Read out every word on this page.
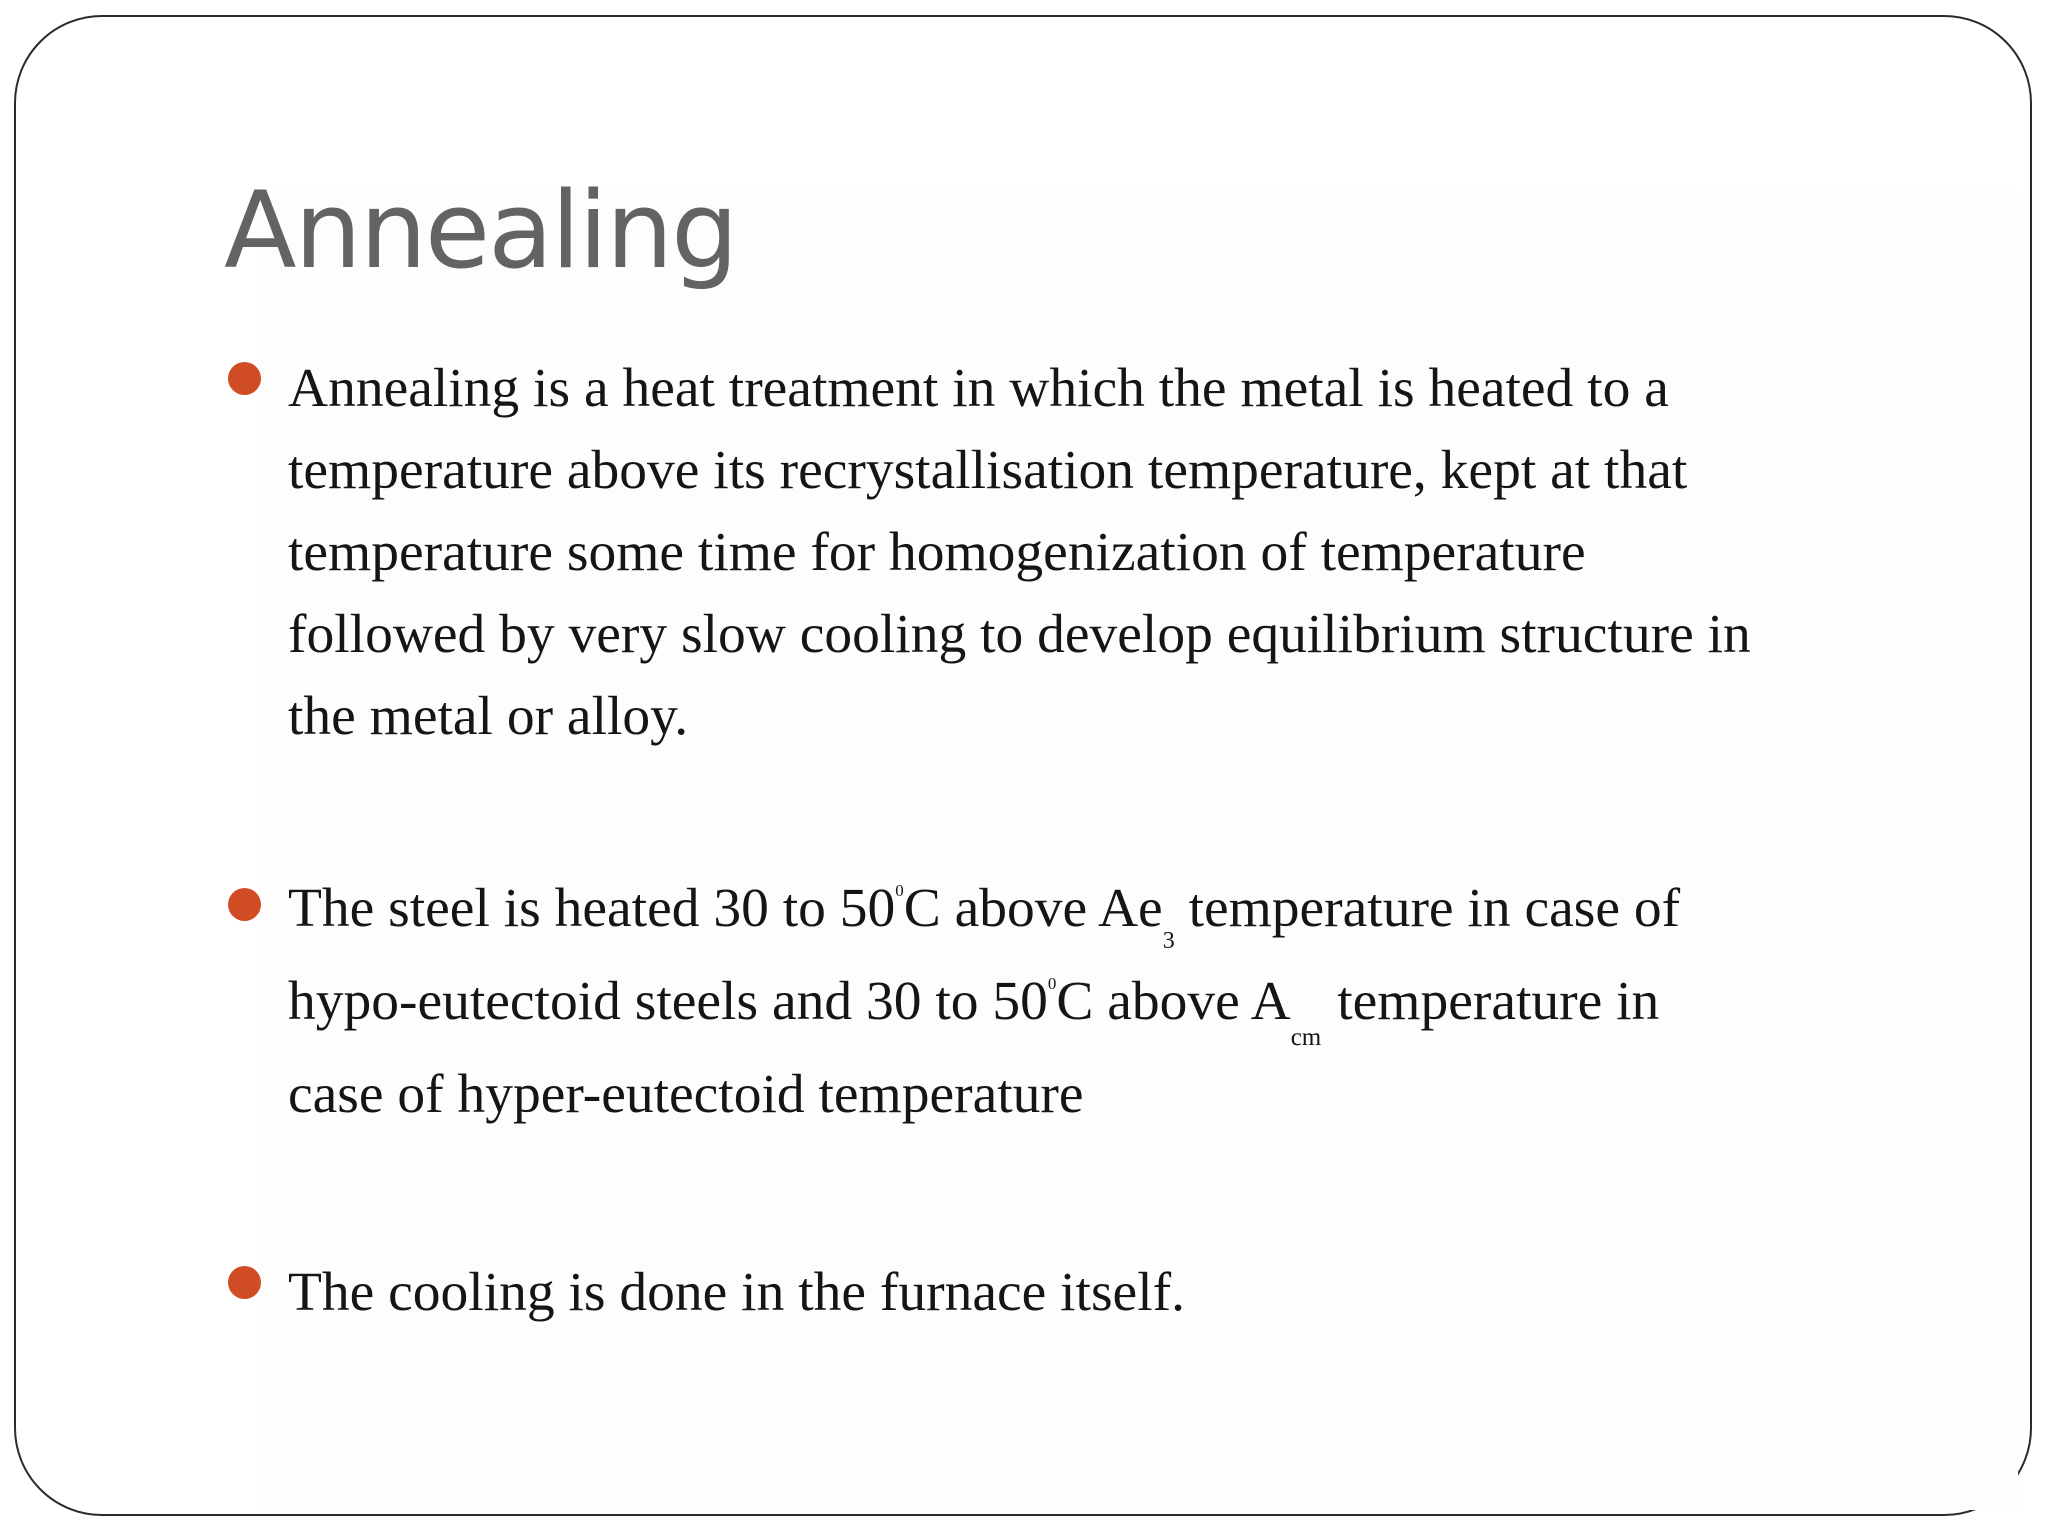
Annealing

Annealing is a heat treatment in which the metal is heated to a
temperature above its recrystallisation temperature, kept at that
temperature some time for homogenization of temperature
followed by very slow cooling to develop equilibrium structure in
the metal or alloy.

The steel is heated 30 to $50^0C$ above $Ae_3$ temperature in case of
hypo-eutectoid steels and 30 to $50^0C$ above $A_{cm}temperature$ in
case of hyper-eutectoid temperature

The cooling is done in the furnace itself.
